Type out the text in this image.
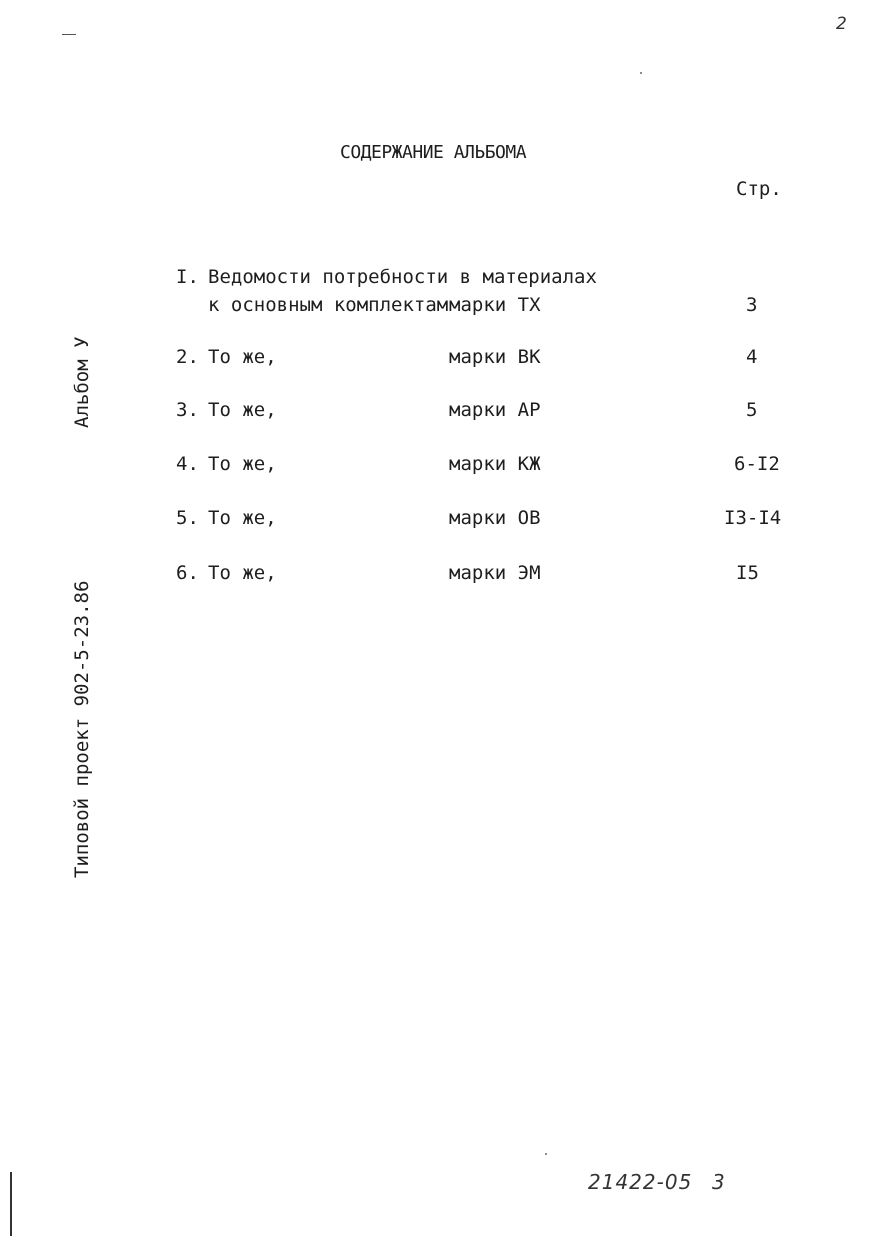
2
СОДЕРЖАНИЕ АЛЬБОМА
Стр.
Альбом У
Типовой проект 902-5-23.86
I. Ведомости потребности в материалах
к основным комплектам марки ТХ	3
2. То же,	марки ВК	4
3. То же,	марки АР	5
4. То же,	марки КЖ	6-I2
5. То же,	марки ОВ	I3-I4
6. То же,	марки ЭМ	I5
21422-05 3
